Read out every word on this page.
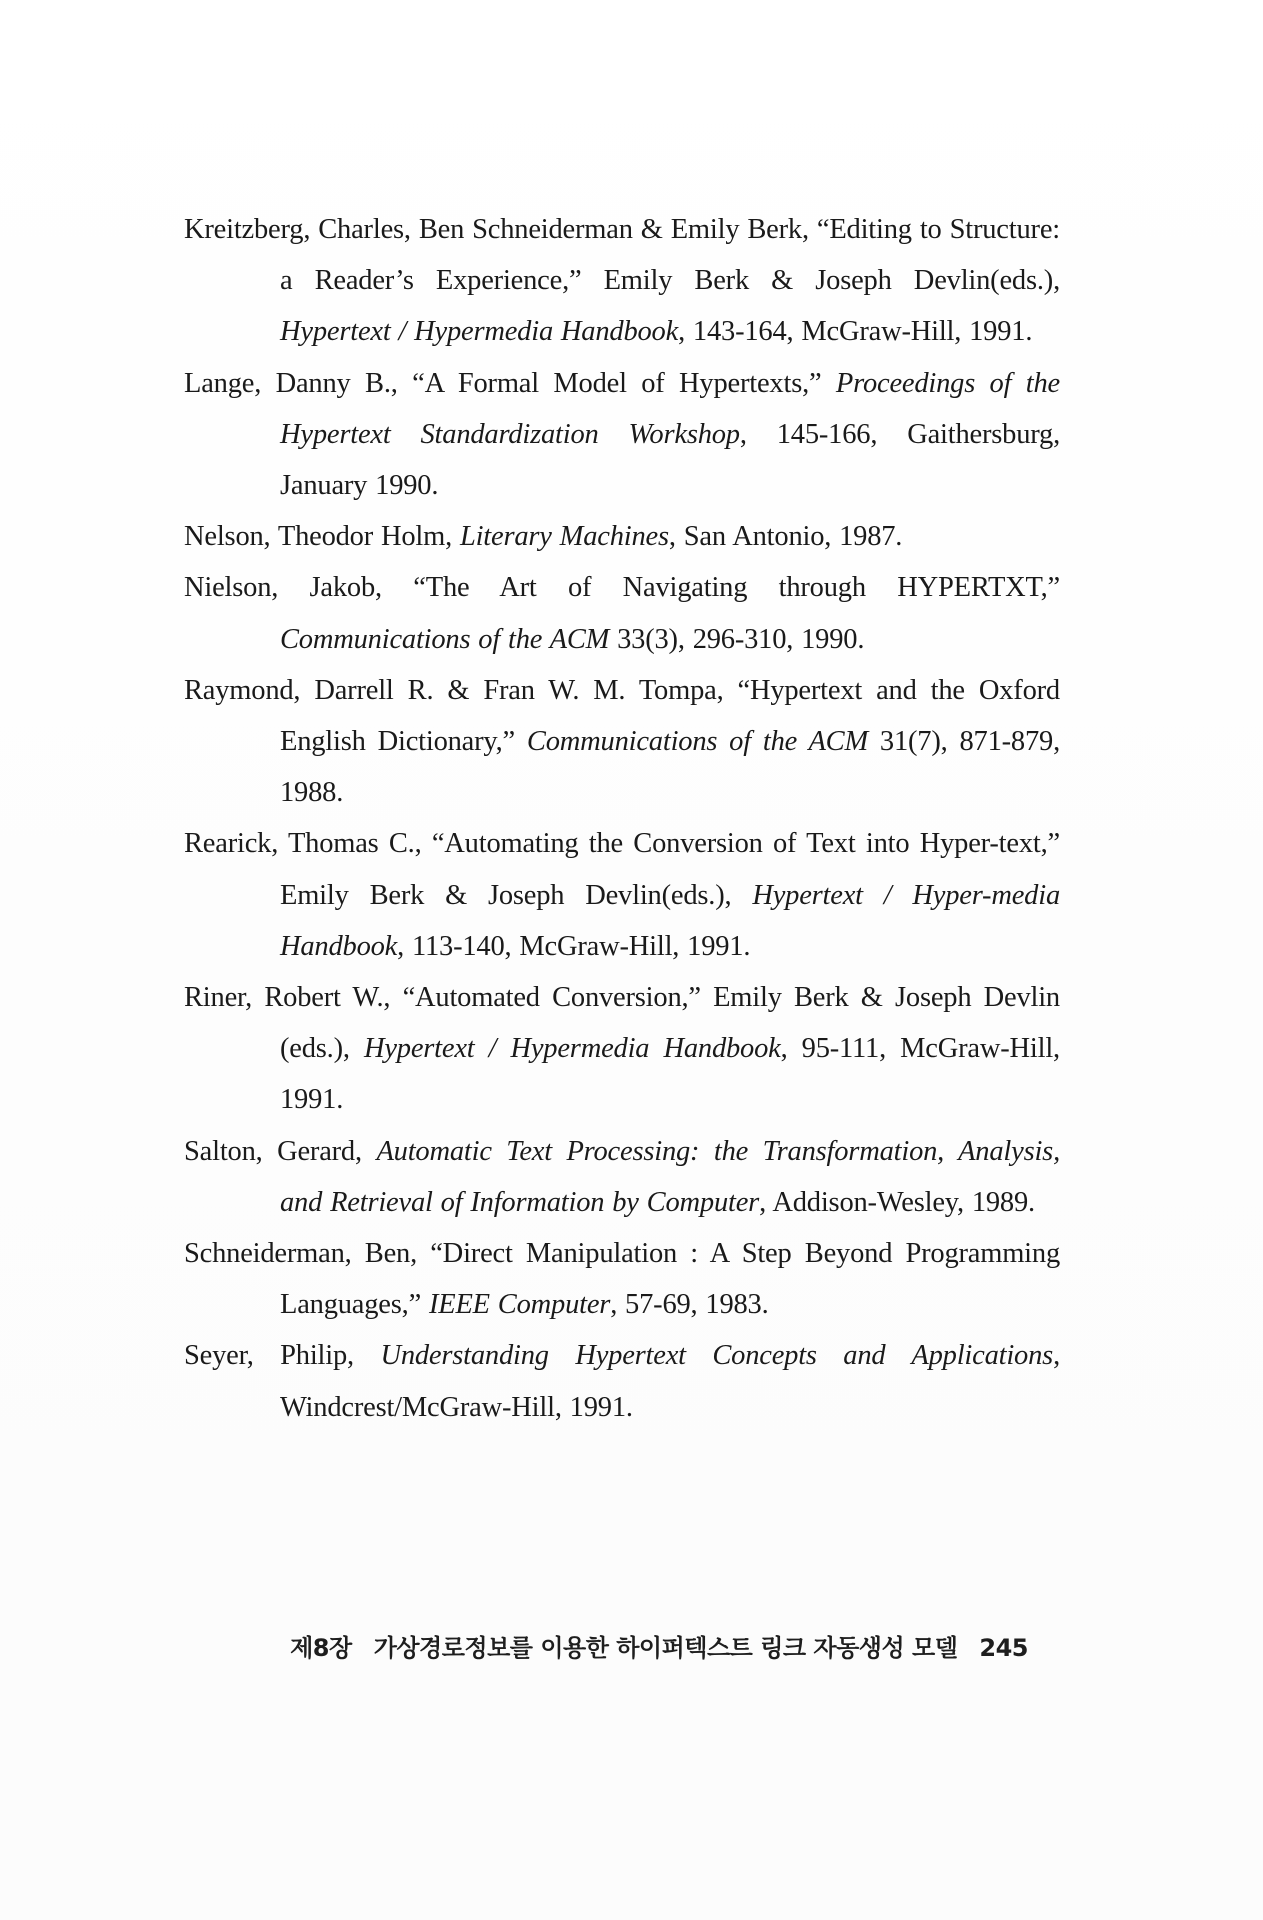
Kreitzberg, Charles, Ben Schneiderman & Emily Berk, “Editing to Structure: a Reader’s Experience,” Emily Berk & Joseph Devlin(eds.), Hypertext / Hypermedia Handbook, 143-164, McGraw-Hill, 1991.

Lange, Danny B., “A Formal Model of Hypertexts,” Proceedings of the Hypertext Standardization Workshop, 145-166, Gaithersburg, January 1990.

Nelson, Theodor Holm, Literary Machines, San Antonio, 1987.

Nielson, Jakob, “The Art of Navigating through HYPERTXT,” Communications of the ACM 33(3), 296-310, 1990.

Raymond, Darrell R. & Fran W. M. Tompa, “Hypertext and the Oxford English Dictionary,” Communications of the ACM 31(7), 871-879, 1988.

Rearick, Thomas C., “Automating the Conversion of Text into Hyper-text,” Emily Berk & Joseph Devlin(eds.), Hypertext / Hyper-media Handbook, 113-140, McGraw-Hill, 1991.

Riner, Robert W., “Automated Conversion,” Emily Berk & Joseph Devlin (eds.), Hypertext / Hypermedia Handbook, 95-111, McGraw-Hill, 1991.

Salton, Gerard, Automatic Text Processing: the Transformation, Analysis, and Retrieval of Information by Computer, Addison-Wesley, 1989.

Schneiderman, Ben, “Direct Manipulation : A Step Beyond Programming Languages,” IEEE Computer, 57-69, 1983.

Seyer, Philip, Understanding Hypertext Concepts and Applications, Windcrest/McGraw-Hill, 1991.

제8장 가상경로정보를 이용한 하이퍼텍스트 링크 자동생성 모델 245
